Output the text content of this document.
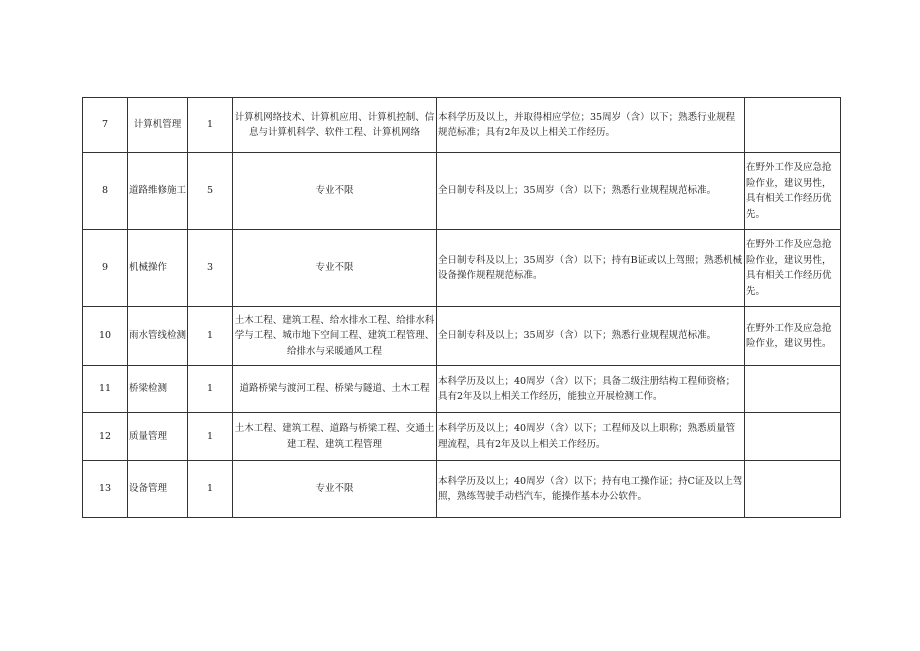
7	计算机管理	1	计算机网络技术、计算机应用、计算机控制、信息与计算机科学、软件工程、计算机网络	本科学历及以上，并取得相应学位；35周岁（含）以下；熟悉行业规程规范标准；具有2年及以上相关工作经历。	
8	道路维修施工	5	专业不限	全日制专科及以上；35周岁（含）以下；熟悉行业规程规范标准。	在野外工作及应急抢险作业，建议男性，具有相关工作经历优先。
9	机械操作	3	专业不限	全日制专科及以上；35周岁（含）以下；持有B证或以上驾照；熟悉机械设备操作规程规范标准。	在野外工作及应急抢险作业，建议男性，具有相关工作经历优先。
10	雨水管线检测	1	土木工程、建筑工程、给水排水工程、给排水科学与工程、城市地下空间工程、建筑工程管理、给排水与采暖通风工程	全日制专科及以上；35周岁（含）以下；熟悉行业规程规范标准。	在野外工作及应急抢险作业，建议男性。
11	桥梁检测	1	道路桥梁与渡河工程、桥梁与隧道、土木工程	本科学历及以上；40周岁（含）以下；具备二级注册结构工程师资格；具有2年及以上相关工作经历，能独立开展检测工作。	
12	质量管理	1	土木工程、建筑工程、道路与桥梁工程、交通土建工程、建筑工程管理	本科学历及以上；40周岁（含）以下；工程师及以上职称；熟悉质量管理流程，具有2年及以上相关工作经历。	
13	设备管理	1	专业不限	本科学历及以上；40周岁（含）以下；持有电工操作证；持C证及以上驾照，熟练驾驶手动档汽车，能操作基本办公软件。	
